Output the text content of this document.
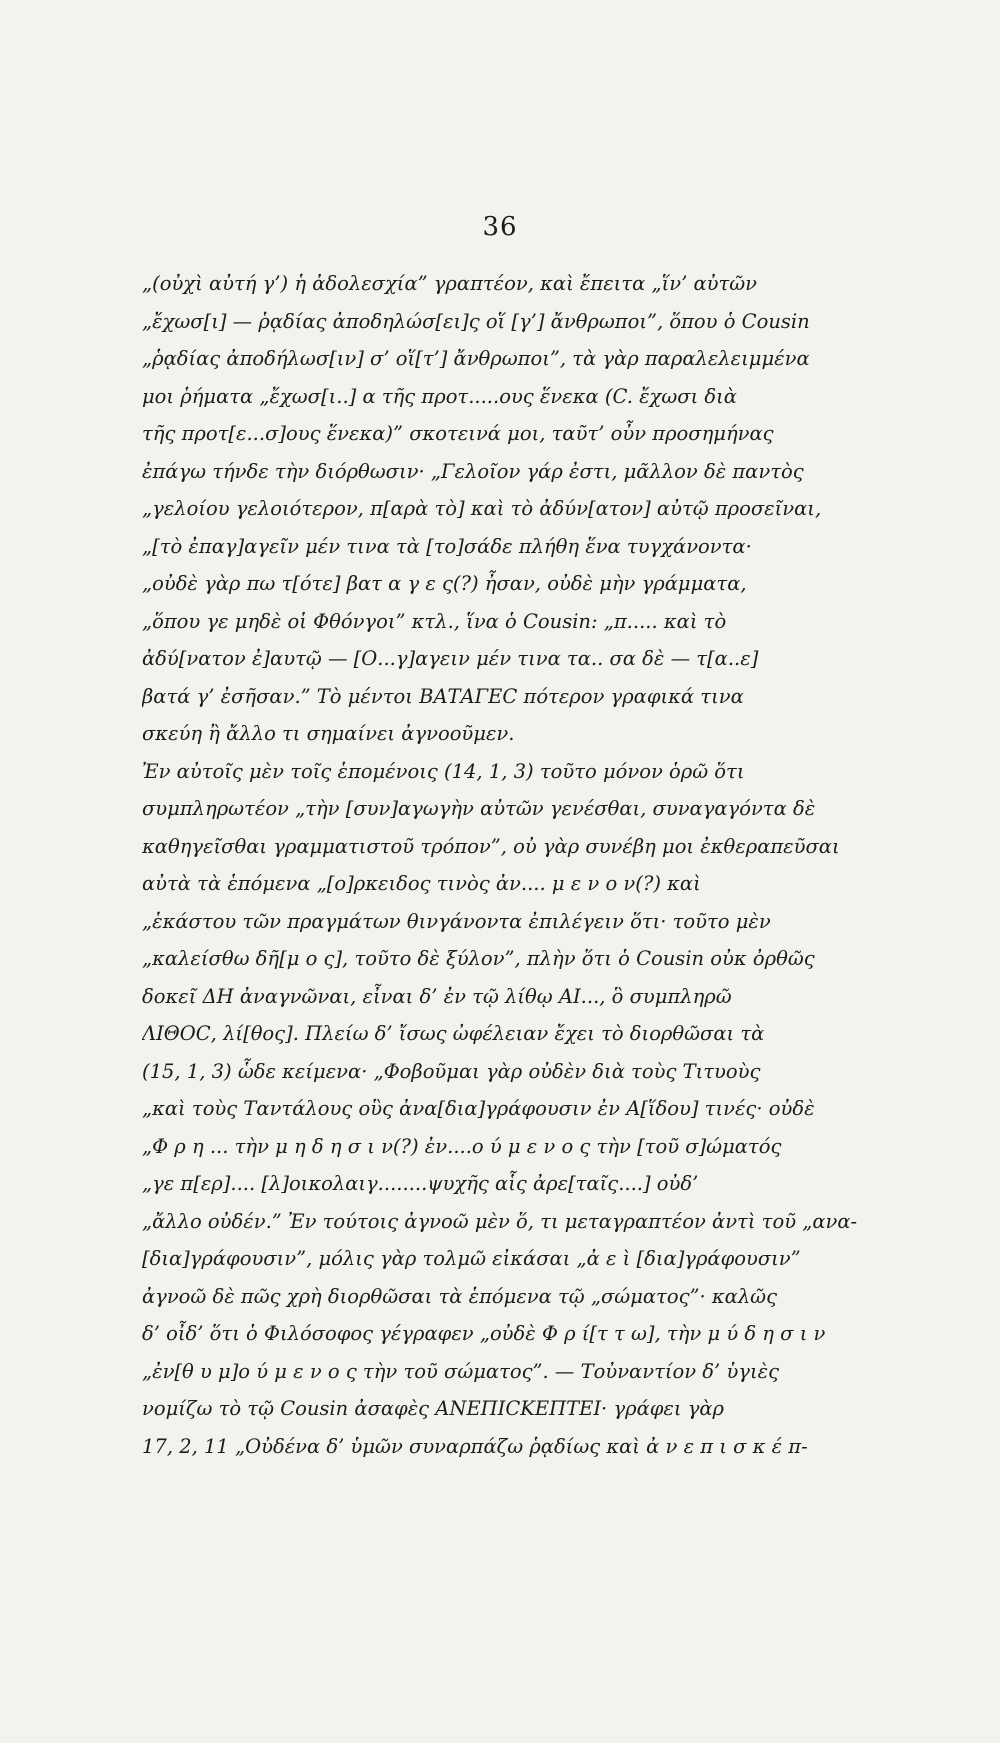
36
„(οὐχὶ αὐτή γ’) ἡ ἀδολεσχία” γραπτέον, καὶ ἔπειτα „ἵν’ αὐτῶν
„ἔχωσ[ι] — ῥᾳδίας ἀποδηλώσ[ει]ς οἵ [γ’] ἄνθρωποι”, ὅπου ὁ Cousin
„ῥᾳδίας ἀποδήλωσ[ιν] σ’ οἵ[τ’] ἄνθρωποι”, τὰ γὰρ παραλελειμμένα
μοι ῥήματα „ἔχωσ[ι..] α τῆς προτ.....ους ἕνεκα (C. ἔχωσι διὰ
τῆς προτ[ε...σ]ους ἕνεκα)” σκοτεινά μοι, ταῦτ’ οὖν προσημήνας
ἐπάγω τήνδε τὴν διόρθωσιν· „Γελοῖον γάρ ἐστι, μᾶλλον δὲ παντὸς
„γελοίου γελοιότερον, π[αρὰ τὸ] καὶ τὸ ἀδύν[ατον] αὐτῷ προσεῖναι,
„[τὸ ἐπαγ]αγεῖν μέν τινα τὰ [το]σάδε πλήθη ἕνα τυγχάνοντα·
„οὐδὲ γὰρ πω τ[ότε] βατ α γ ε ς(?) ἦσαν, οὐδὲ μὴν γράμματα,
„ὅπου γε μηδὲ οἱ Φθόνγοι” κτλ., ἵνα ὁ Cousin: „π..... καὶ τὸ
ἀδύ[νατον ἐ]αυτῷ — [Ο...γ]αγειν μέν τινα τα.. σα δὲ — τ[α..ε]
βατά γ’ ἐσῆσαν.” Τὸ μέντοι ΒΑΤΑΓΕϹ πότερον γραφικά τινα
σκεύη ἢ ἄλλο τι σημαίνει ἀγνοοῦμεν.
Ἐν αὐτοῖς μὲν τοῖς ἑπομένοις (14, 1, 3) τοῦτο μόνον ὁρῶ ὅτι
συμπληρωτέον „τὴν [συν]αγωγὴν αὐτῶν γενέσθαι, συναγαγόντα δὲ
καθηγεῖσθαι γραμματιστοῦ τρόπον”, οὐ γὰρ συνέβη μοι ἐκθεραπεῦσαι
αὐτὰ τὰ ἑπόμενα „[ο]ρκειδος τινὸς ἀν.... μ ε ν ο ν(?) καὶ
„ἑκάστου τῶν πραγμάτων θινγάνοντα ἐπιλέγειν ὅτι· τοῦτο μὲν
„καλείσθω δῆ[μ ο ς], τοῦτο δὲ ξύλον”, πλὴν ὅτι ὁ Cousin οὐκ ὀρθῶς
δοκεῖ ΔΗ ἀναγνῶναι, εἶναι δ’ ἐν τῷ λίθῳ ΑΙ..., ὃ συμπληρῶ
ΛΙΘΟϹ, λί[θος]. Πλείω δ’ ἴσως ὠφέλειαν ἔχει τὸ διορθῶσαι τὰ
(15, 1, 3) ὧδε κείμενα· „Φοβοῦμαι γὰρ οὐδὲν διὰ τοὺς Τιτυοὺς
„καὶ τοὺς Ταντάλους οὓς ἀνα[δια]γράφουσιν ἐν Α[ἵδου] τινές· οὐδὲ
„Φ ρ η ... τὴν μ η δ η σ ι ν(?) ἐν....ο ύ μ ε ν ο ς τὴν [τοῦ σ]ώματός
„γε π[ερ].... [λ]οικολαιγ........ψυχῆς αἷς ἀρε[ταῖς....] οὐδ’
„ἄλλο οὐδέν.” Ἐν τούτοις ἀγνοῶ μὲν ὅ, τι μεταγραπτέον ἀντὶ τοῦ „ανα-
[δια]γράφουσιν”, μόλις γὰρ τολμῶ εἰκάσαι „ἀ ε ὶ [δια]γράφουσιν”
ἀγνοῶ δὲ πῶς χρὴ διορθῶσαι τὰ ἑπόμενα τῷ „σώματος”· καλῶς
δ’ οἶδ’ ὅτι ὁ Φιλόσοφος γέγραφεν „οὐδὲ Φ ρ ί[τ τ ω], τὴν μ ύ δ η σ ι ν
„ἐν[θ υ μ]ο ύ μ ε ν ο ς τὴν τοῦ σώματος”. — Τοὐναντίον δ’ ὑγιὲς
νομίζω τὸ τῷ Cousin ἀσαφὲς ΑΝΕΠΙϹΚΕΠΤΕΙ· γράφει γὰρ
17, 2, 11 „Οὐδένα δ’ ὑμῶν συναρπάζω ῥᾳδίως καὶ ἀ ν ε π ι σ κ έ π-
